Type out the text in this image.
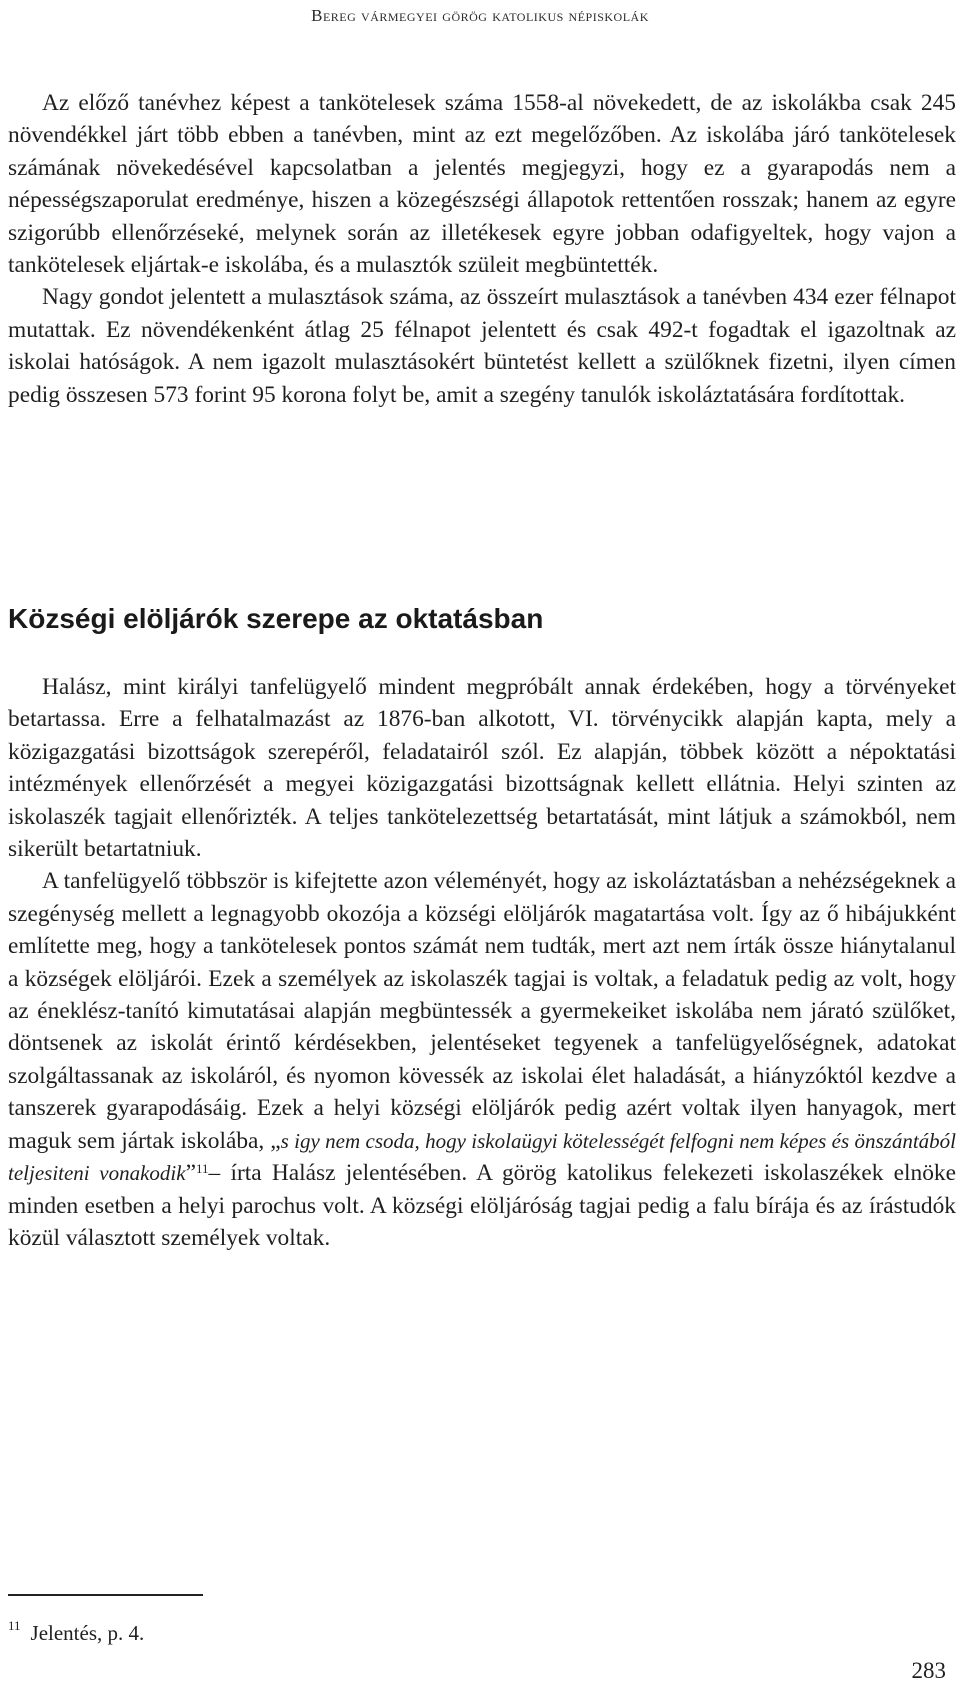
Bereg vármegyei görög katolikus népiskolák

Az előző tanévhez képest a tankötelesek száma 1558-al növekedett, de az iskolákba csak 245 növendékkel járt több ebben a tanévben, mint az ezt megelőzőben. Az iskolába járó tankötelesek számának növekedésével kapcsolatban a jelentés megjegyzi, hogy ez a gyarapodás nem a népességszaporulat eredménye, hiszen a közegészségi állapotok rettentően rosszak; hanem az egyre szigorúbb ellenőrzéseké, melynek során az illetékesek egyre jobban odafigyeltek, hogy vajon a tankötelesek eljártak-e iskolába, és a mulasztók szüleit megbüntették.

Nagy gondot jelentett a mulasztások száma, az összeírt mulasztások a tanévben 434 ezer félnapot mutattak. Ez növendékenként átlag 25 félnapot jelentett és csak 492-t fogadtak el igazoltnak az iskolai hatóságok. A nem igazolt mulasztásokért büntetést kellett a szülőknek fizetni, ilyen címen pedig összesen 573 forint 95 korona folyt be, amit a szegény tanulók iskoláztatására fordítottak.

Községi elöljárók szerepe az oktatásban

Halász, mint királyi tanfelügyelő mindent megpróbált annak érdekében, hogy a törvényeket betartassa. Erre a felhatalmazást az 1876-ban alkotott, VI. törvénycikk alapján kapta, mely a közigazgatási bizottságok szerepéről, feladatairól szól. Ez alapján, többek között a népoktatási intézmények ellenőrzését a megyei közigazgatási bizottságnak kellett ellátnia. Helyi szinten az iskolaszék tagjait ellenőrizték. A teljes tankötelezettség betartatását, mint látjuk a számokból, nem sikerült betartatniuk.

A tanfelügyelő többször is kifejtette azon véleményét, hogy az iskoláztatásban a nehézségeknek a szegénység mellett a legnagyobb okozója a községi elöljárók magatartása volt. Így az ő hibájukként említette meg, hogy a tankötelesek pontos számát nem tudták, mert azt nem írták össze hiánytalanul a községek elöljárói. Ezek a személyek az iskolaszék tagjai is voltak, a feladatuk pedig az volt, hogy az éneklész-tanító kimutatásai alapján megbüntessék a gyermekeiket iskolába nem járató szülőket, döntsenek az iskolát érintő kérdésekben, jelentéseket tegyenek a tanfelügyelőségnek, adatokat szolgáltassanak az iskoláról, és nyomon kövessék az iskolai élet haladását, a hiányzóktól kezdve a tanszerek gyarapodásáig. Ezek a helyi községi elöljárók pedig azért voltak ilyen hanyagok, mert maguk sem jártak iskolába, „s igy nem csoda, hogy iskolaügyi kötelességét felfogni nem képes és önszántából teljesiteni vonakodik”$^{11}$– írta Halász jelentésében. A görög katolikus felekezeti iskolaszékek elnöke minden esetben a helyi parochus volt. A községi elöljáróság tagjai pedig a falu bírája és az írástudók közül választott személyek voltak.

$^{11}$ Jelentés, p. 4.
283
